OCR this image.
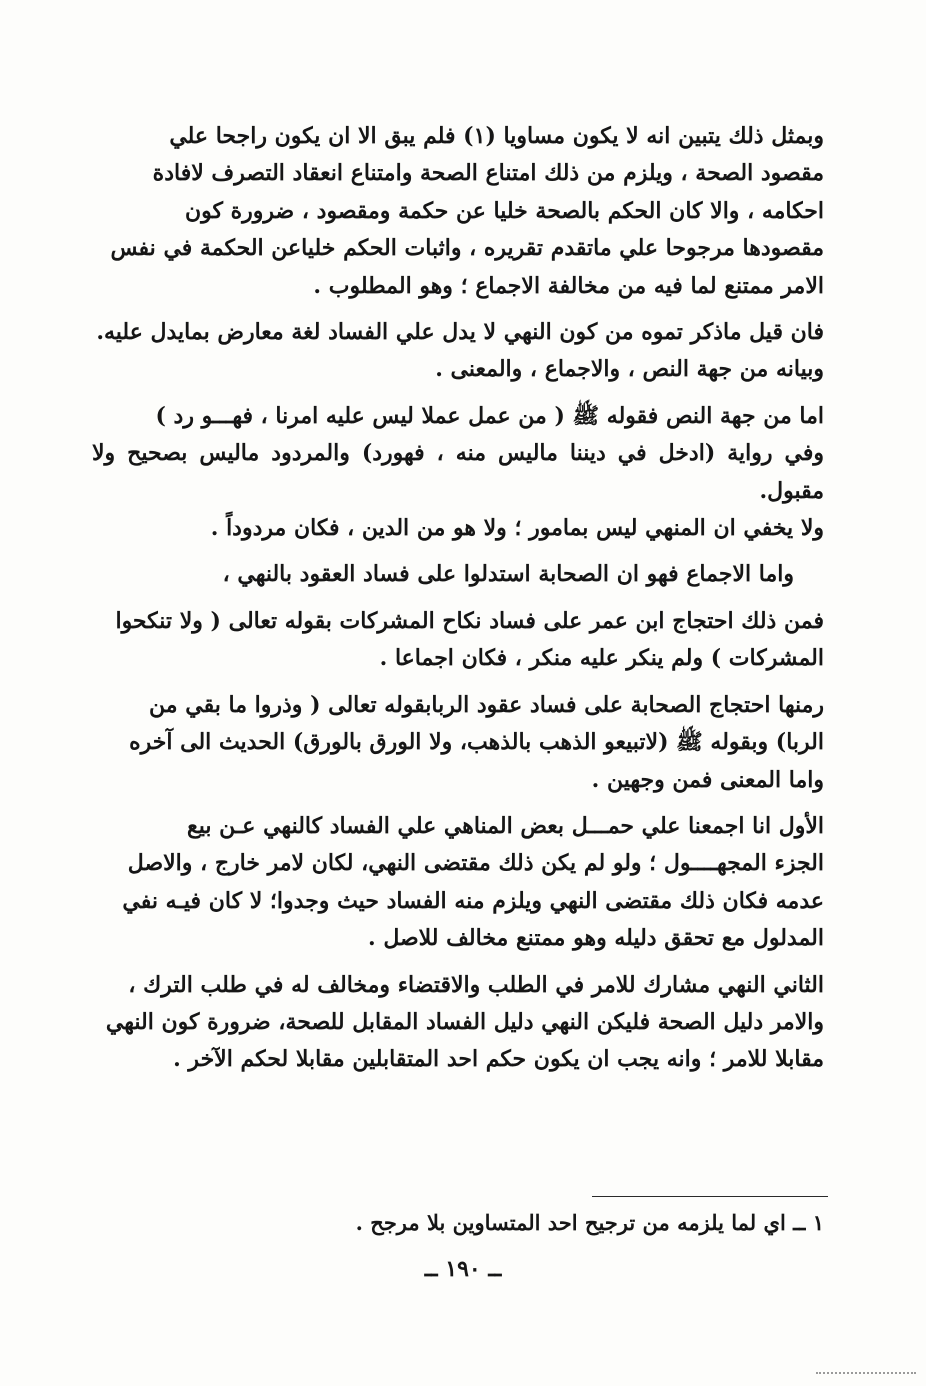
وبمثل ذلك يتبين انه لا يكون مساويا (١) فلم يبق الا ان يكون راجحا علي
مقصود الصحة ، ويلزم من ذلك امتناع الصحة وامتناع انعقاد التصرف لافادة
احكامه ، والا كان الحكم بالصحة خليا عن حكمة ومقصود ، ضرورة كون
مقصودها مرجوحا علي ماتقدم تقريره ، واثبات الحكم خلياعن الحكمة في نفس
الامر ممتنع لما فيه من مخالفة الاجماع ؛ وهو المطلوب .

فان قيل ماذكر تموه من كون النهي لا يدل علي الفساد لغة معارض بمايدل عليه.
وبيانه من جهة النص ، والاجماع ، والمعنى .

اما من جهة النص فقوله ﷺ ( من عمل عملا ليس عليه امرنا ، فهـــو رد )
وفي رواية (ادخل في ديننا ماليس منه ، فهورد) والمردود ماليس بصحيح ولا مقبول.
ولا يخفي ان المنهي ليس بمامور ؛ ولا هو من الدين ، فكان مردوداً .

واما الاجماع فهو ان الصحابة استدلوا على فساد العقود بالنهي ،

فمن ذلك احتجاج ابن عمر على فساد نكاح المشركات بقوله تعالى ( ولا تنكحوا
المشركات ) ولم ينكر عليه منكر ، فكان اجماعا .

رمنها احتجاج الصحابة على فساد عقود الربابقوله تعالى ( وذروا ما بقي من
الربا) وبقوله ﷺ (لاتبيعو الذهب بالذهب، ولا الورق بالورق) الحديث الى آخره
واما المعنى فمن وجهين .

الأول انا اجمعنا علي حمـــل بعض المناهي علي الفساد كالنهي عـن بيع
الجزء المجهــــول ؛ ولو لم يكن ذلك مقتضى النهي، لكان لامر خارج ، والاصل
عدمه فكان ذلك مقتضى النهي ويلزم منه الفساد حيث وجدوا؛ لا كان فيـه نفي
المدلول مع تحقق دليله وهو ممتنع مخالف للاصل .

الثاني النهي مشارك للامر في الطلب والاقتضاء ومخالف له في طلب الترك ،
والامر دليل الصحة فليكن النهي دليل الفساد المقابل للصحة، ضرورة كون النهي
مقابلا للامر ؛ وانه يجب ان يكون حكم احد المتقابلين مقابلا لحكم الآخر .

١ ــ اي لما يلزمه من ترجيح احد المتساوين بلا مرجح .
ــ ١٩٠ ــ
